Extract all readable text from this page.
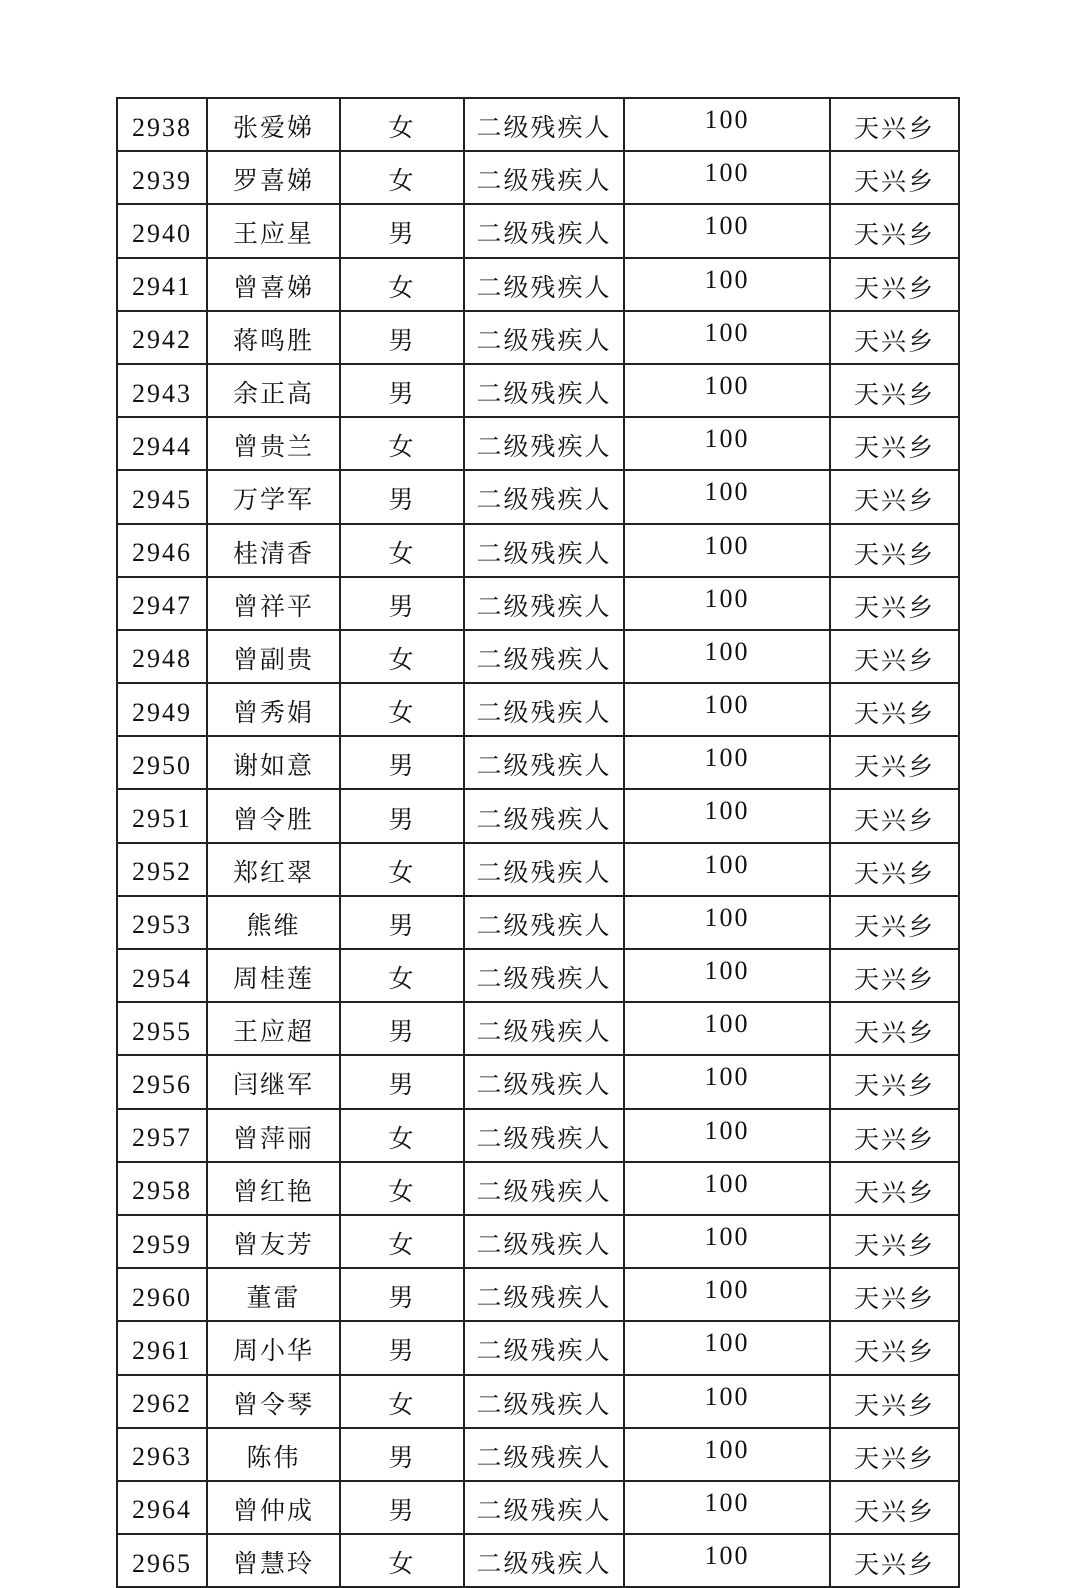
2938	张爱娣	女	二级残疾人	100	天兴乡
2939	罗喜娣	女	二级残疾人	100	天兴乡
2940	王应星	男	二级残疾人	100	天兴乡
2941	曾喜娣	女	二级残疾人	100	天兴乡
2942	蒋鸣胜	男	二级残疾人	100	天兴乡
2943	余正高	男	二级残疾人	100	天兴乡
2944	曾贵兰	女	二级残疾人	100	天兴乡
2945	万学军	男	二级残疾人	100	天兴乡
2946	桂清香	女	二级残疾人	100	天兴乡
2947	曾祥平	男	二级残疾人	100	天兴乡
2948	曾副贵	女	二级残疾人	100	天兴乡
2949	曾秀娟	女	二级残疾人	100	天兴乡
2950	谢如意	男	二级残疾人	100	天兴乡
2951	曾令胜	男	二级残疾人	100	天兴乡
2952	郑红翠	女	二级残疾人	100	天兴乡
2953	熊维	男	二级残疾人	100	天兴乡
2954	周桂莲	女	二级残疾人	100	天兴乡
2955	王应超	男	二级残疾人	100	天兴乡
2956	闫继军	男	二级残疾人	100	天兴乡
2957	曾萍丽	女	二级残疾人	100	天兴乡
2958	曾红艳	女	二级残疾人	100	天兴乡
2959	曾友芳	女	二级残疾人	100	天兴乡
2960	董雷	男	二级残疾人	100	天兴乡
2961	周小华	男	二级残疾人	100	天兴乡
2962	曾令琴	女	二级残疾人	100	天兴乡
2963	陈伟	男	二级残疾人	100	天兴乡
2964	曾仲成	男	二级残疾人	100	天兴乡
2965	曾慧玲	女	二级残疾人	100	天兴乡
